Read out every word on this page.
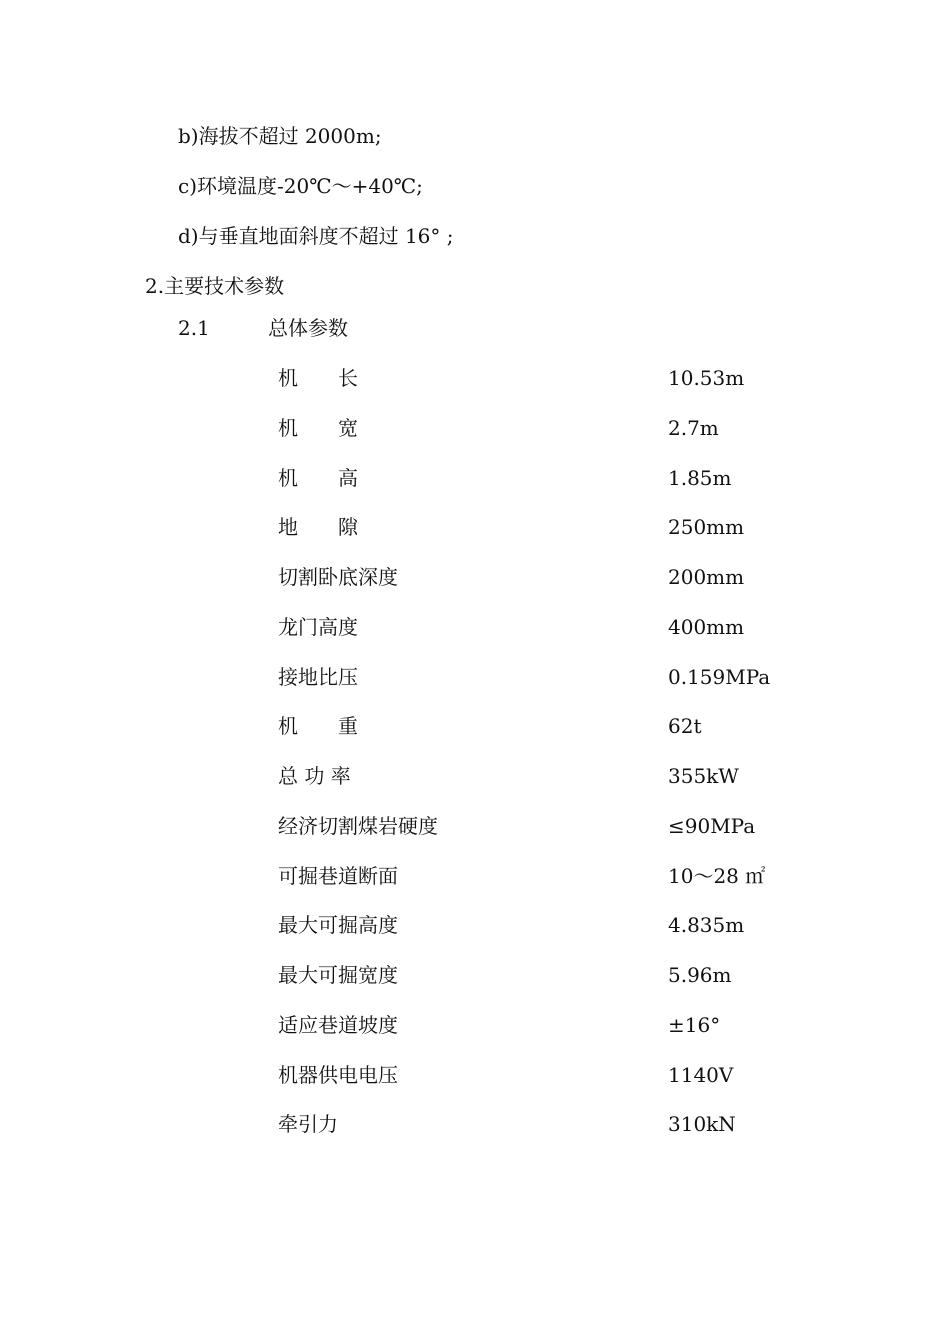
b)海拔不超过 2000m;
c)环境温度-20℃～+40℃;
d)与垂直地面斜度不超过 16° ;
2.主要技术参数
2.1	总体参数
机　　长	10.53m
机　　宽	2.7m
机　　高	1.85m
地　　隙	250mm
切割卧底深度	200mm
龙门高度	400mm
接地比压	0.159MPa
机　　重	62t
总 功 率	355kW
经济切割煤岩硬度	≤90MPa
可掘巷道断面	10～28 ㎡
最大可掘高度	4.835m
最大可掘宽度	5.96m
适应巷道坡度	±16°
机器供电电压	1140V
牵引力	310kN
